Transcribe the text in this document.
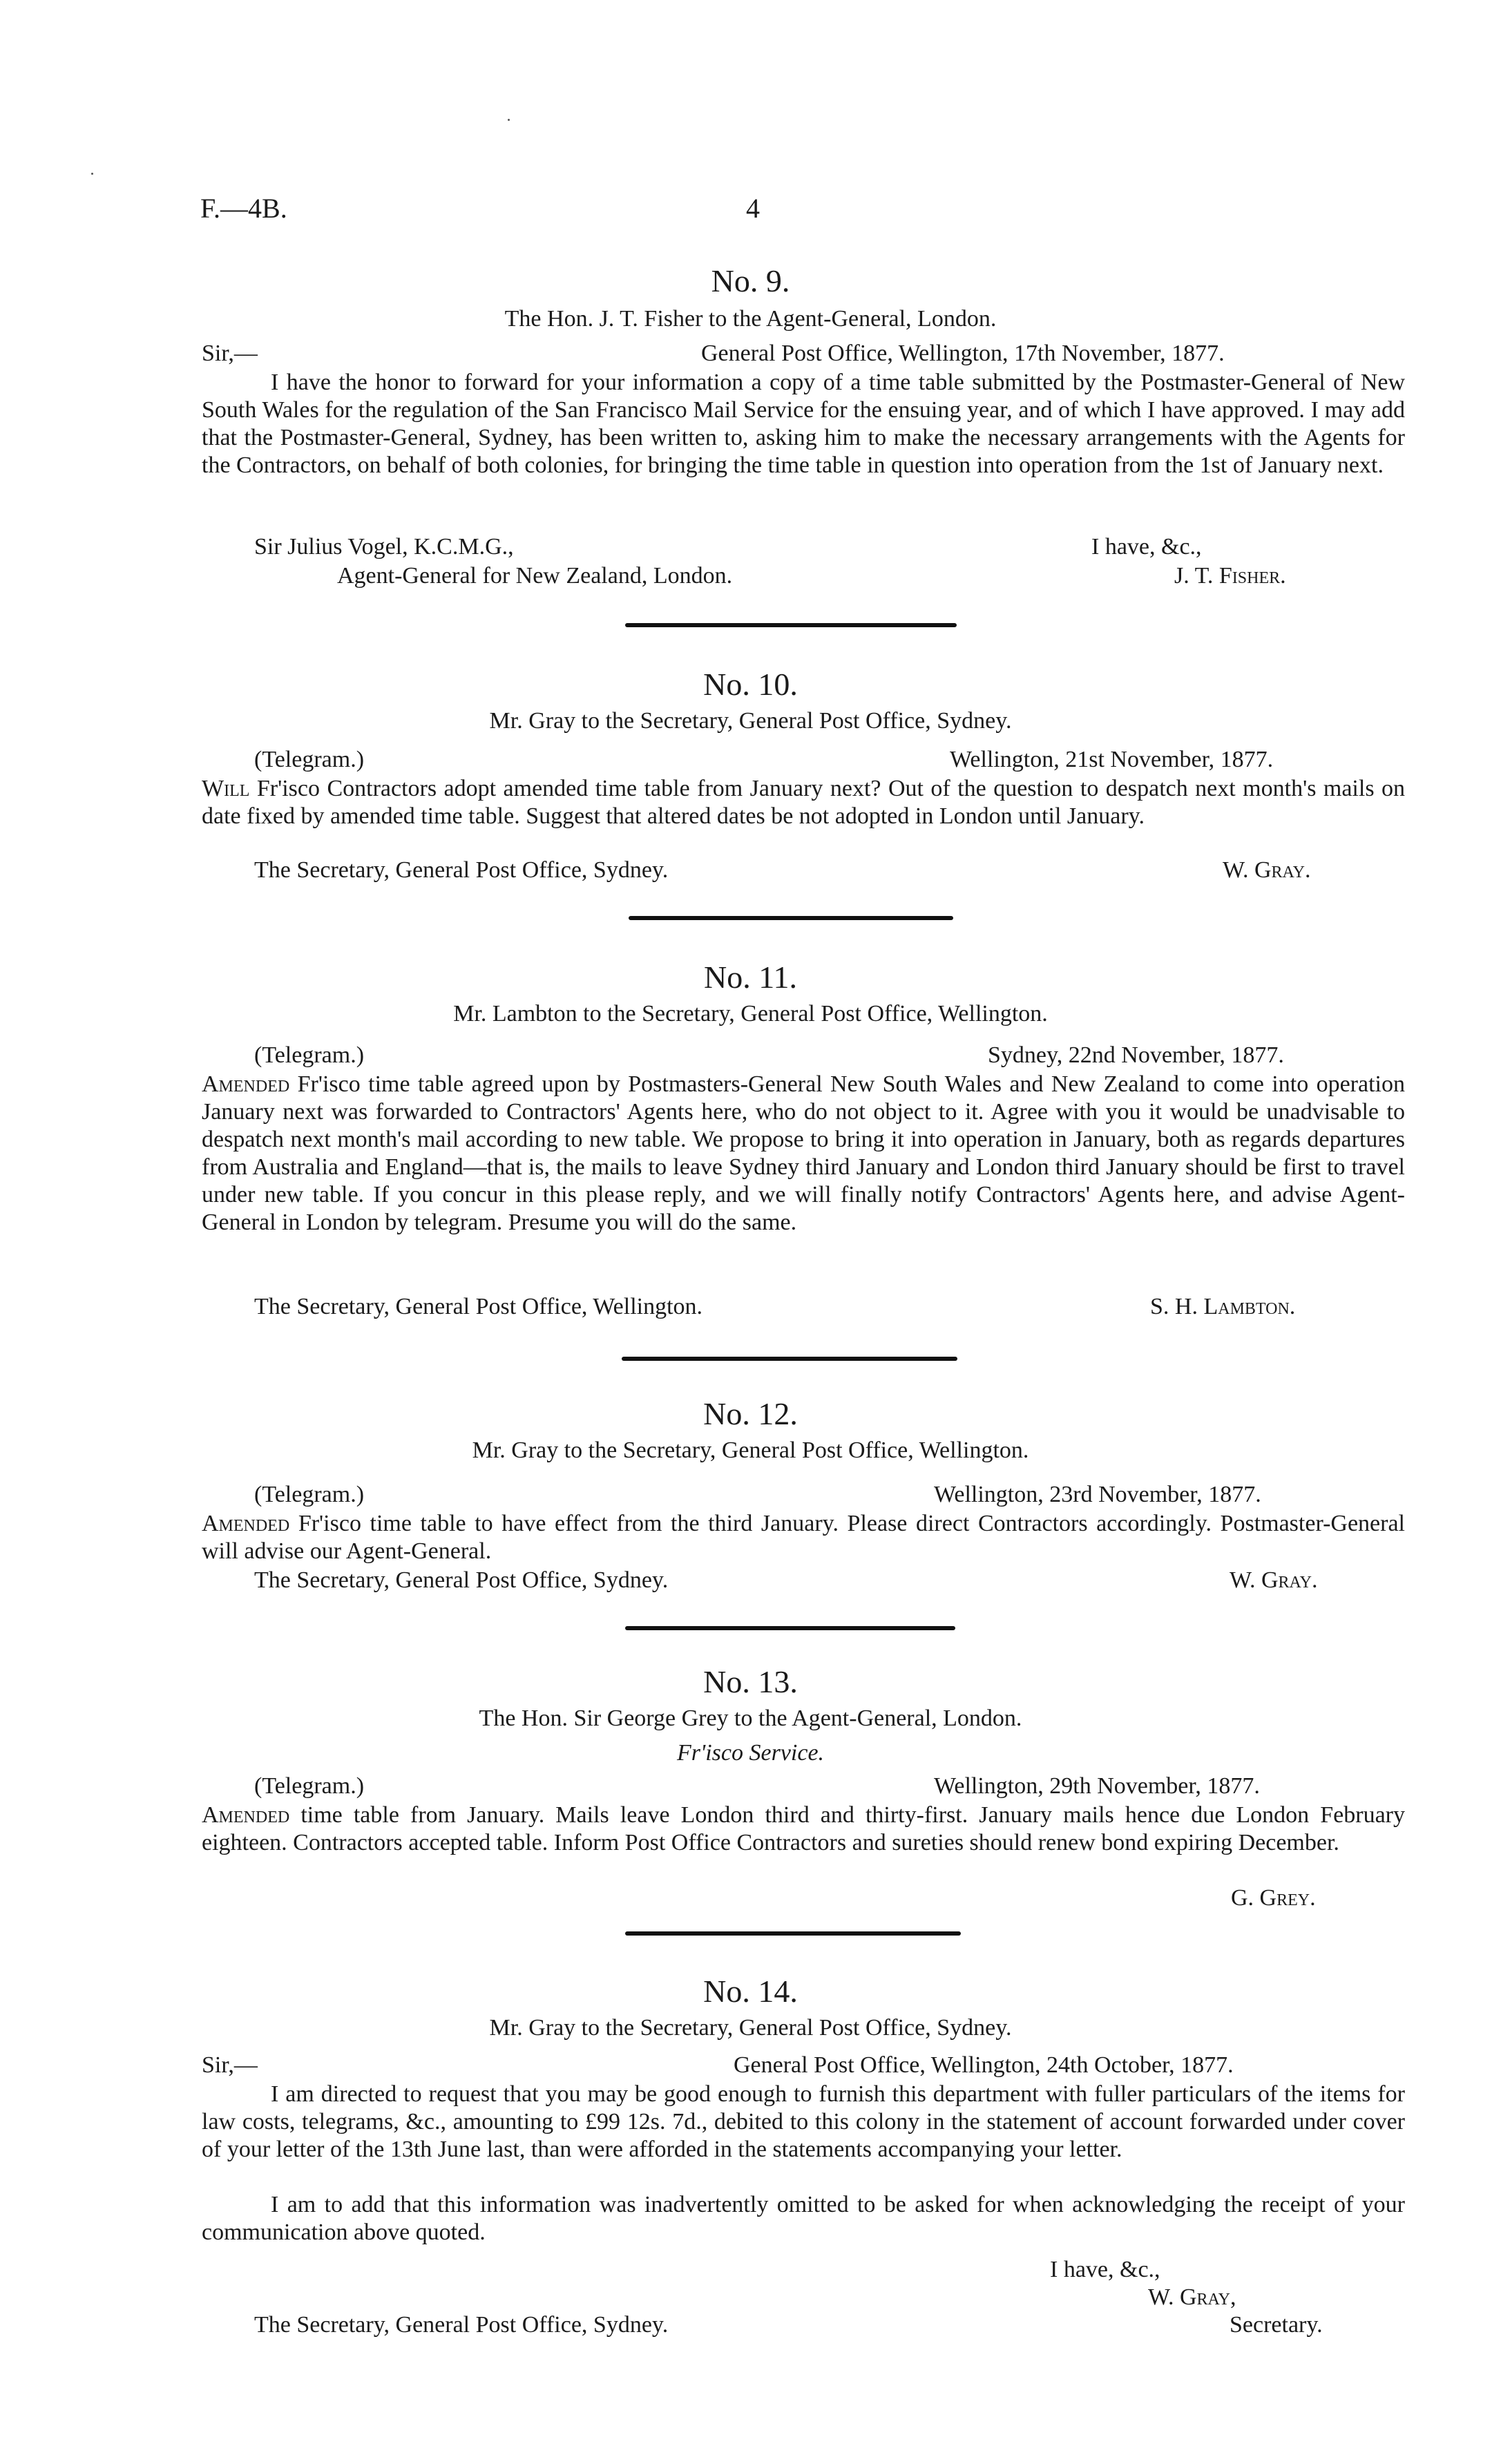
F.—4B.	4
No. 9.
The Hon. J. T. Fisher to the Agent-General, London.
Sir,—	General Post Office, Wellington, 17th November, 1877.
I have the honor to forward for your information a copy of a time table submitted by the Postmaster-General of New South Wales for the regulation of the San Francisco Mail Service for the ensuing year, and of which I have approved. I may add that the Postmaster-General, Sydney, has been written to, asking him to make the necessary arrangements with the Agents for the Contractors, on behalf of both colonies, for bringing the time table in question into operation from the 1st of January next.
Sir Julius Vogel, K.C.M.G.,
Agent-General for New Zealand, London.
I have, &c.,
J. T. Fisher.
No. 10.
Mr. Gray to the Secretary, General Post Office, Sydney.
(Telegram.)	Wellington, 21st November, 1877.
Will Fr'isco Contractors adopt amended time table from January next? Out of the question to despatch next month's mails on date fixed by amended time table. Suggest that altered dates be not adopted in London until January.
The Secretary, General Post Office, Sydney.	W. Gray.
No. 11.
Mr. Lambton to the Secretary, General Post Office, Wellington.
(Telegram.)	Sydney, 22nd November, 1877.
Amended Fr'isco time table agreed upon by Postmasters-General New South Wales and New Zealand to come into operation January next was forwarded to Contractors' Agents here, who do not object to it. Agree with you it would be unadvisable to despatch next month's mail according to new table. We propose to bring it into operation in January, both as regards departures from Australia and England—that is, the mails to leave Sydney third January and London third January should be first to travel under new table. If you concur in this please reply, and we will finally notify Contractors' Agents here, and advise Agent-General in London by telegram. Presume you will do the same.
The Secretary, General Post Office, Wellington.	S. H. Lambton.
No. 12.
Mr. Gray to the Secretary, General Post Office, Wellington.
(Telegram.)	Wellington, 23rd November, 1877.
Amended Fr'isco time table to have effect from the third January. Please direct Contractors accordingly. Postmaster-General will advise our Agent-General.
The Secretary, General Post Office, Sydney.	W. Gray.
No. 13.
The Hon. Sir George Grey to the Agent-General, London.
Fr'isco Service.
(Telegram.)	Wellington, 29th November, 1877.
Amended time table from January. Mails leave London third and thirty-first. January mails hence due London February eighteen. Contractors accepted table. Inform Post Office Contractors and sureties should renew bond expiring December.
G. Grey.
No. 14.
Mr. Gray to the Secretary, General Post Office, Sydney.
Sir,—	General Post Office, Wellington, 24th October, 1877.
I am directed to request that you may be good enough to furnish this department with fuller particulars of the items for law costs, telegrams, &c., amounting to £99 12s. 7d., debited to this colony in the statement of account forwarded under cover of your letter of the 13th June last, than were afforded in the statements accompanying your letter.
I am to add that this information was inadvertently omitted to be asked for when acknowledging the receipt of your communication above quoted.
I have, &c.,
W. Gray,
The Secretary, General Post Office, Sydney.	Secretary.
